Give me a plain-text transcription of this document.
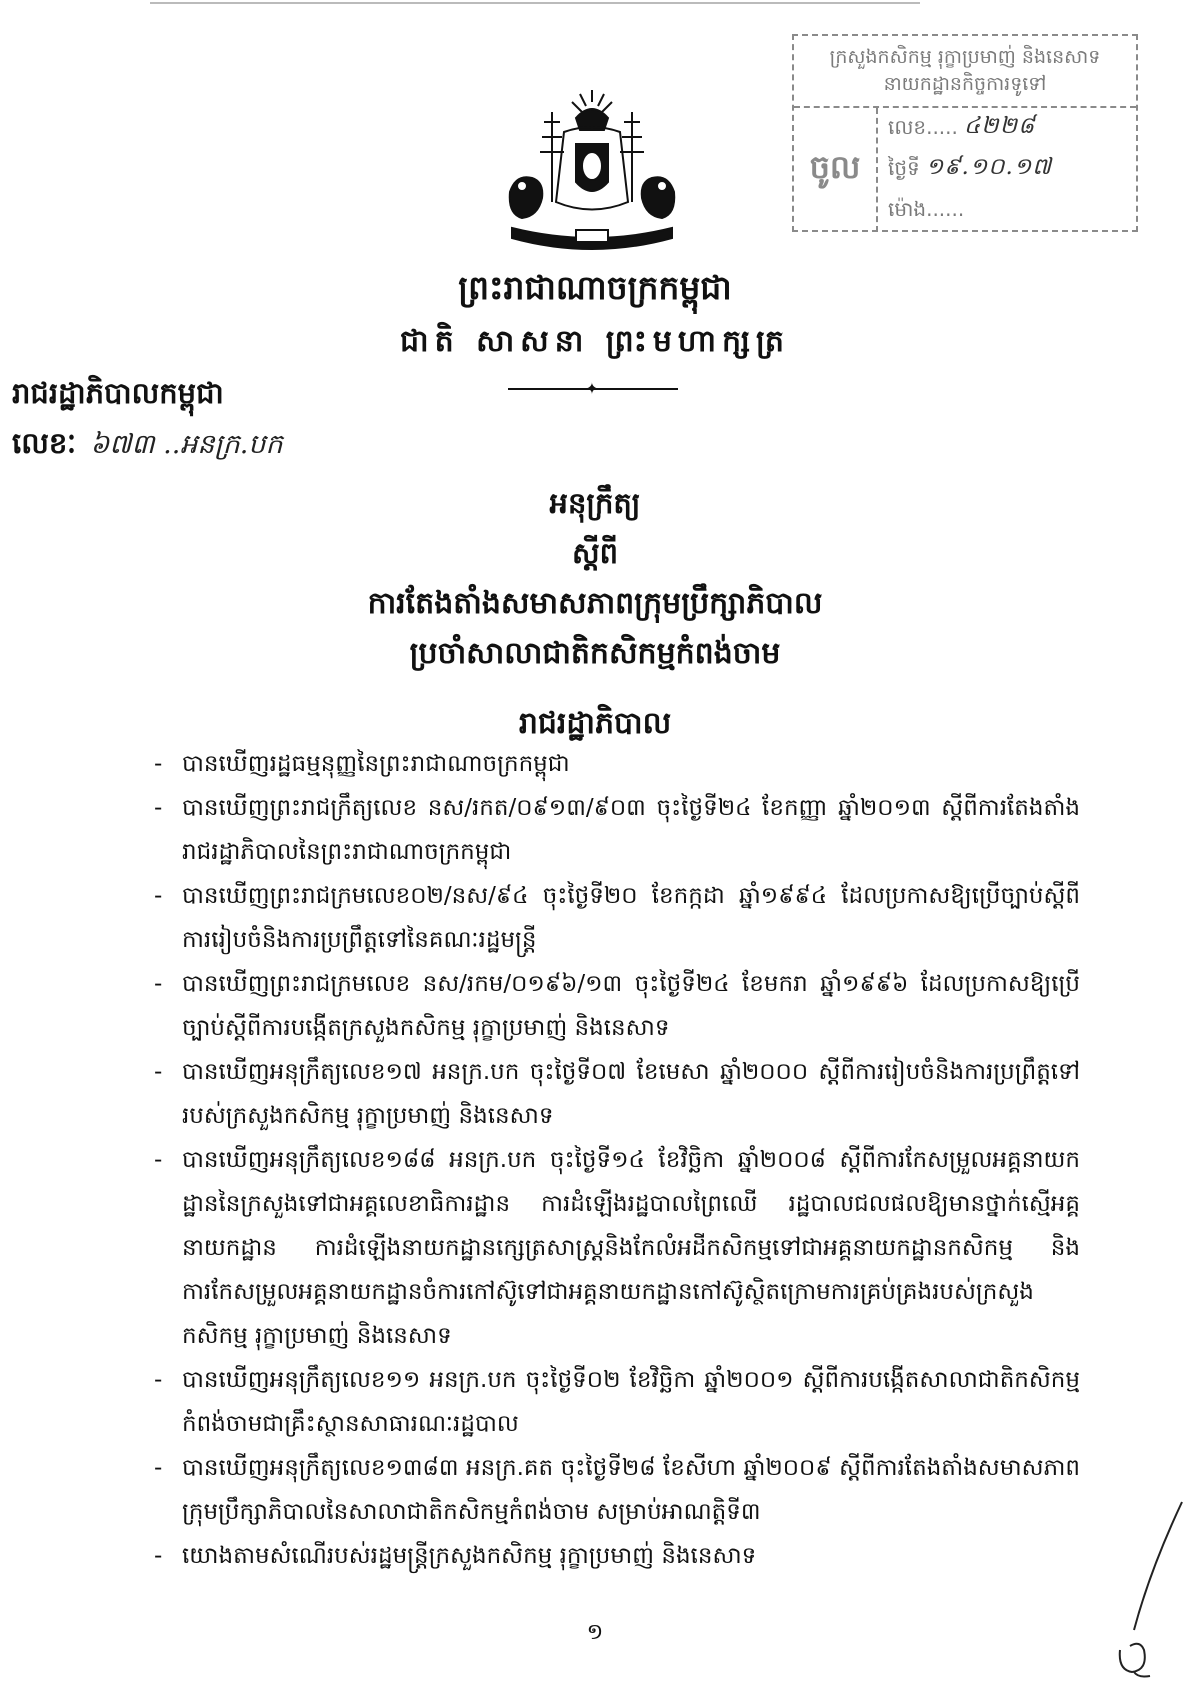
ក្រសួងកសិកម្ម រុក្ខាប្រមាញ់ និងនេសាទ
នាយកដ្ឋានកិច្ចការទូទៅ
ចូល
លេខ..... ៤២២៨
ថ្ងៃទី ១៩.១០.១៧
ម៉ោង......
ព្រះរាជាណាចក្រកម្ពុជា
ជាតិ សាសនា ព្រះមហាក្សត្រ
✦
រាជរដ្ឋាភិបាលកម្ពុជា
លេខៈ ៦៧៣ ..អនក្រ.បក
អនុក្រឹត្យ
ស្តីពី
ការតែងតាំងសមាសភាពក្រុមប្រឹក្សាភិបាល
ប្រចាំសាលាជាតិកសិកម្មកំពង់ចាម
រាជរដ្ឋាភិបាល
- បានឃើញរដ្ឋធម្មនុញ្ញនៃព្រះរាជាណាចក្រកម្ពុជា
- បានឃើញព្រះរាជក្រឹត្យលេខ នស/រកត/០៩១៣/៩០៣ ចុះថ្ងៃទី២៤ ខែកញ្ញា ឆ្នាំ២០១៣ ស្តីពីការតែងតាំងរាជរដ្ឋាភិបាលនៃព្រះរាជាណាចក្រកម្ពុជា
- បានឃើញព្រះរាជក្រមលេខ០២/នស/៩៤ ចុះថ្ងៃទី២០ ខែកក្កដា ឆ្នាំ១៩៩៤ ដែលប្រកាសឱ្យប្រើច្បាប់ស្តីពីការរៀបចំនិងការប្រព្រឹត្តទៅនៃគណៈរដ្ឋមន្ត្រី
- បានឃើញព្រះរាជក្រមលេខ នស/រកម/០១៩៦/១៣ ចុះថ្ងៃទី២៤ ខែមករា ឆ្នាំ១៩៩៦ ដែលប្រកាសឱ្យប្រើច្បាប់ស្តីពីការបង្កើតក្រសួងកសិកម្ម រុក្ខាប្រមាញ់ និងនេសាទ
- បានឃើញអនុក្រឹត្យលេខ១៧ អនក្រ.បក ចុះថ្ងៃទី០៧ ខែមេសា ឆ្នាំ២០០០ ស្តីពីការរៀបចំនិងការប្រព្រឹត្តទៅរបស់ក្រសួងកសិកម្ម រុក្ខាប្រមាញ់ និងនេសាទ
- បានឃើញអនុក្រឹត្យលេខ១៨៨ អនក្រ.បក ចុះថ្ងៃទី១៤ ខែវិច្ឆិកា ឆ្នាំ២០០៨ ស្តីពីការកែសម្រួលអគ្គនាយកដ្ឋាននៃក្រសួងទៅជាអគ្គលេខាធិការដ្ឋាន ការដំឡើងរដ្ឋបាលព្រៃឈើ រដ្ឋបាលជលផលឱ្យមានថ្នាក់ស្មើអគ្គនាយកដ្ឋាន ការដំឡើងនាយកដ្ឋានក្សេត្រសាស្ត្រនិងកែលំអដីកសិកម្មទៅជាអគ្គនាយកដ្ឋានកសិកម្ម និងការកែសម្រួលអគ្គនាយកដ្ឋានចំការកៅស៊ូទៅជាអគ្គនាយកដ្ឋានកៅស៊ូស្ថិតក្រោមការគ្រប់គ្រងរបស់ក្រសួងកសិកម្ម រុក្ខាប្រមាញ់ និងនេសាទ
- បានឃើញអនុក្រឹត្យលេខ១១ អនក្រ.បក ចុះថ្ងៃទី០២ ខែវិច្ឆិកា ឆ្នាំ២០០១ ស្តីពីការបង្កើតសាលាជាតិកសិកម្មកំពង់ចាមជាគ្រឹះស្ថានសាធារណៈរដ្ឋបាល
- បានឃើញអនុក្រឹត្យលេខ១៣៨៣ អនក្រ.គត ចុះថ្ងៃទី២៨ ខែសីហា ឆ្នាំ២០០៩ ស្តីពីការតែងតាំងសមាសភាពក្រុមប្រឹក្សាភិបាលនៃសាលាជាតិកសិកម្មកំពង់ចាម សម្រាប់អាណត្តិទី៣
- យោងតាមសំណើរបស់រដ្ឋមន្ត្រីក្រសួងកសិកម្ម រុក្ខាប្រមាញ់ និងនេសាទ
១
